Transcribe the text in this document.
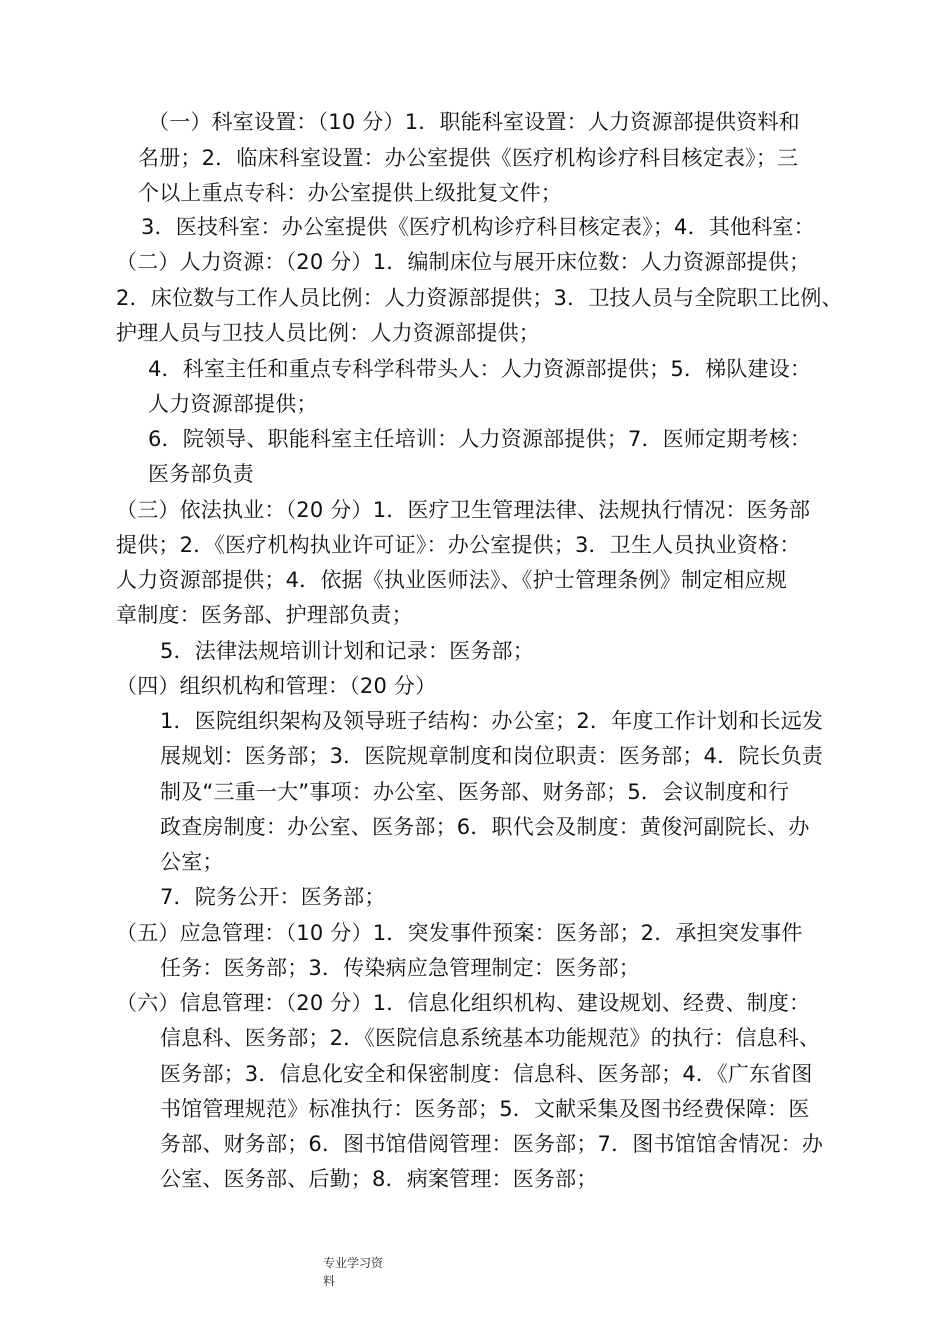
（一）科室设置：（10 分）1．职能科室设置：人力资源部提供资料和
名册；2．临床科室设置：办公室提供《医疗机构诊疗科目核定表》；三
个以上重点专科：办公室提供上级批复文件；
3．医技科室：办公室提供《医疗机构诊疗科目核定表》；4．其他科室：
（二）人力资源：（20 分）1．编制床位与展开床位数：人力资源部提供；
2．床位数与工作人员比例：人力资源部提供；3．卫技人员与全院职工比例、
护理人员与卫技人员比例：人力资源部提供；
4．科室主任和重点专科学科带头人：人力资源部提供；5．梯队建设：
人力资源部提供；
6．院领导、职能科室主任培训：人力资源部提供；7．医师定期考核：
医务部负责
（三）依法执业：（20 分）1．医疗卫生管理法律、法规执行情况：医务部
提供；2．《医疗机构执业许可证》：办公室提供；3．卫生人员执业资格：
人力资源部提供；4．依据《执业医师法》、《护士管理条例》制定相应规
章制度：医务部、护理部负责；
5．法律法规培训计划和记录：医务部；
（四）组织机构和管理：（20 分）
1．医院组织架构及领导班子结构：办公室；2．年度工作计划和长远发
展规划：医务部；3．医院规章制度和岗位职责：医务部；4．院长负责
制及“三重一大”事项：办公室、医务部、财务部；5．会议制度和行
政查房制度：办公室、医务部；6．职代会及制度：黄俊河副院长、办
公室；
7．院务公开：医务部；
（五）应急管理：（10 分）1．突发事件预案：医务部；2．承担突发事件
任务：医务部；3．传染病应急管理制定：医务部；
（六）信息管理：（20 分）1．信息化组织机构、建设规划、经费、制度：
信息科、医务部；2．《医院信息系统基本功能规范》的执行：信息科、
医务部；3．信息化安全和保密制度：信息科、医务部；4．《广东省图
书馆管理规范》标准执行：医务部；5．文献采集及图书经费保障：医
务部、财务部；6．图书馆借阅管理：医务部；7．图书馆馆舍情况：办
公室、医务部、后勤；8．病案管理：医务部；
专业学习资
料
